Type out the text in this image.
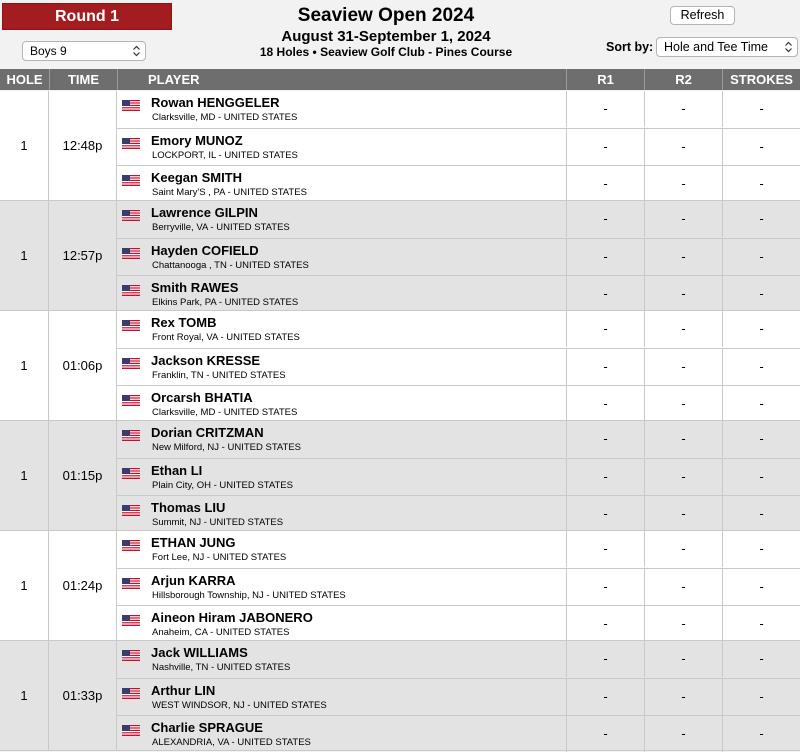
Round 1
Boys 9
Seaview Open 2024
August 31-September 1, 2024
18 Holes • Seaview Golf Club - Pines Course
Refresh
Sort by: Hole and Tee Time
HOLE	TIME	PLAYER	R1	R2	STROKES
1	12:48p
Rowan HENGGELER
Clarksville, MD - UNITED STATES
-	-	-
Emory MUNOZ
LOCKPORT, IL - UNITED STATES
-	-	-
Keegan SMITH
Saint Mary'S , PA - UNITED STATES
-	-	-
1	12:57p
Lawrence GILPIN
Berryville, VA - UNITED STATES
-	-	-
Hayden COFIELD
Chattanooga , TN - UNITED STATES
-	-	-
Smith RAWES
Elkins Park, PA - UNITED STATES
-	-	-
1	01:06p
Rex TOMB
Front Royal, VA - UNITED STATES
-	-	-
Jackson KRESSE
Franklin, TN - UNITED STATES
-	-	-
Orcarsh BHATIA
Clarksville, MD - UNITED STATES
-	-	-
1	01:15p
Dorian CRITZMAN
New Milford, NJ - UNITED STATES
-	-	-
Ethan LI
Plain City, OH - UNITED STATES
-	-	-
Thomas LIU
Summit, NJ - UNITED STATES
-	-	-
1	01:24p
ETHAN JUNG
Fort Lee, NJ - UNITED STATES
-	-	-
Arjun KARRA
Hillsborough Township, NJ - UNITED STATES
-	-	-
Aineon Hiram JABONERO
Anaheim, CA - UNITED STATES
-	-	-
1	01:33p
Jack WILLIAMS
Nashville, TN - UNITED STATES
-	-	-
Arthur LIN
WEST WINDSOR, NJ - UNITED STATES
-	-	-
Charlie SPRAGUE
ALEXANDRIA, VA - UNITED STATES
-	-	-
